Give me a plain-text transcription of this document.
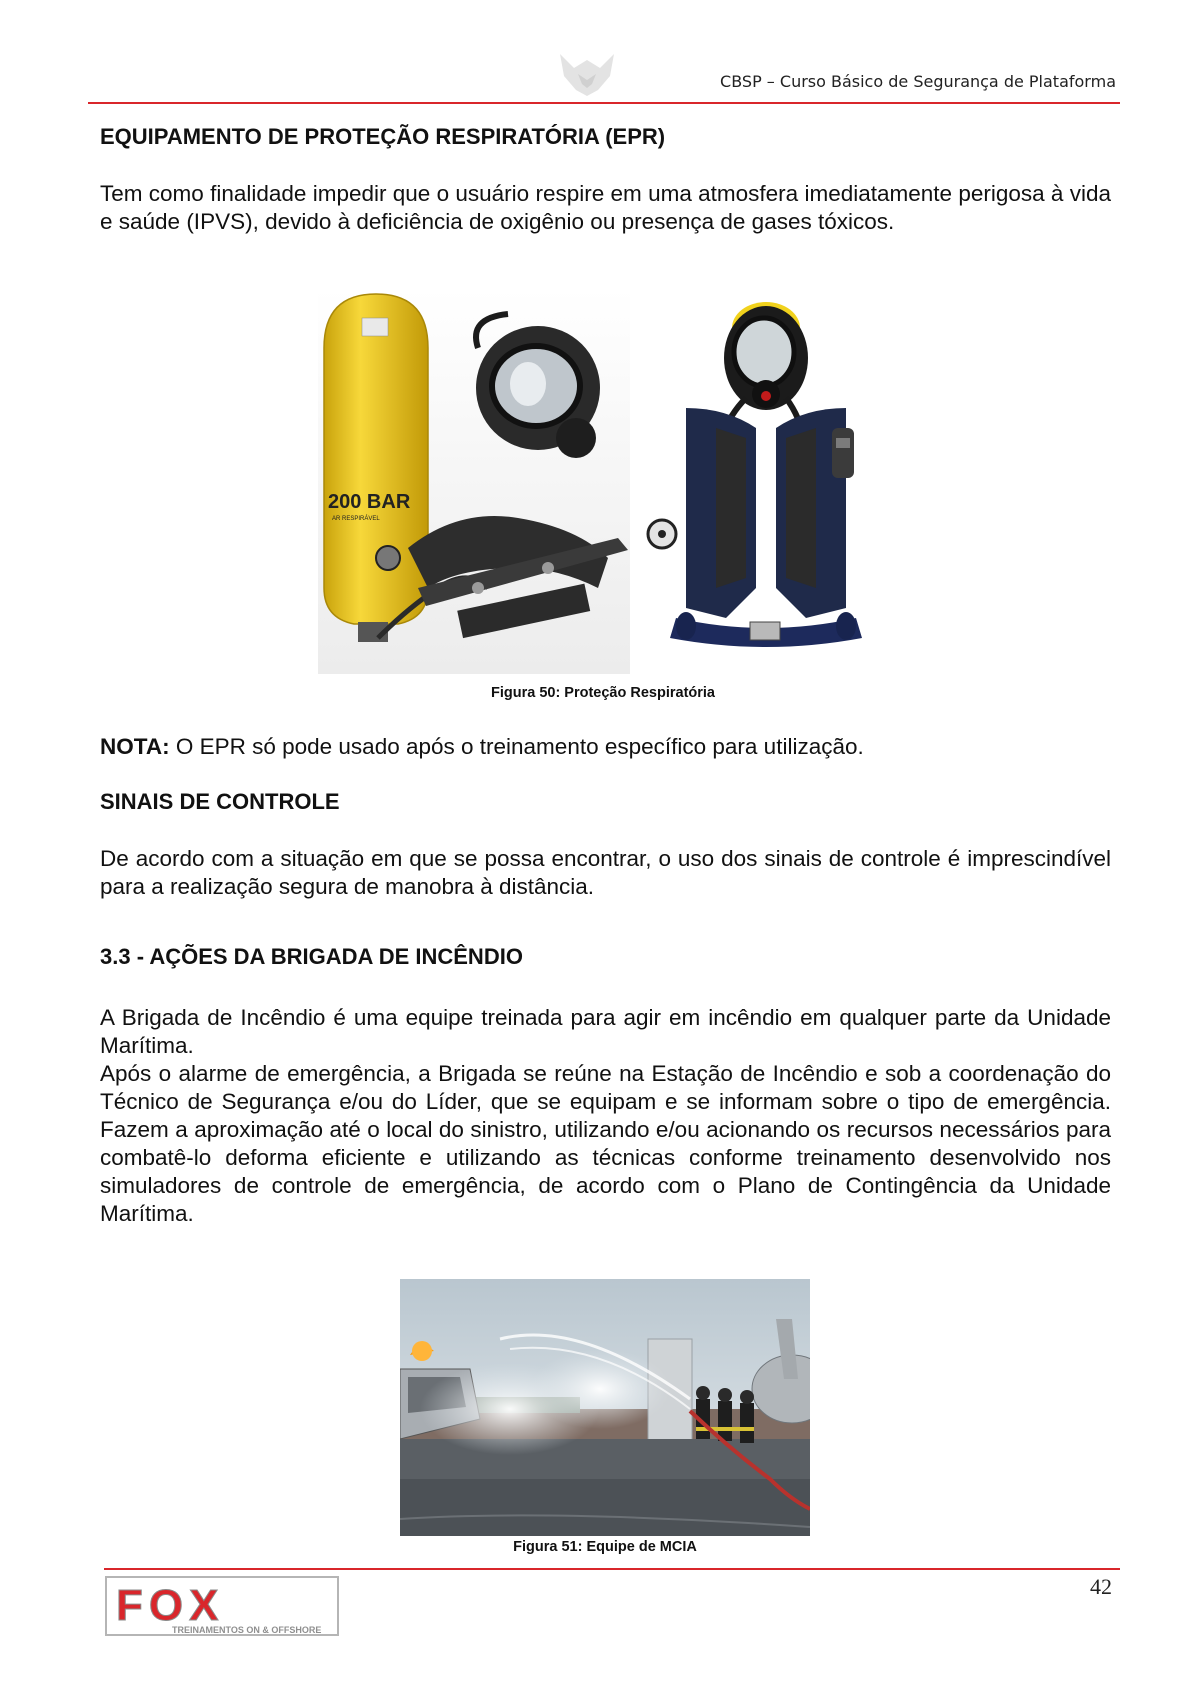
CBSP – Curso Básico de Segurança de Plataforma
EQUIPAMENTO DE PROTEÇÃO RESPIRATÓRIA (EPR)

Tem como finalidade impedir que o usuário respire em uma atmosfera imediatamente perigosa à vida e saúde (IPVS), devido à deficiência de oxigênio ou presença de gases tóxicos.

200 BAR
AR RESPIRÁVEL
Figura 50: Proteção Respiratória

NOTA: O EPR só pode usado após o treinamento específico para utilização.

SINAIS DE CONTROLE

De acordo com a situação em que se possa encontrar, o uso dos sinais de controle é imprescindível para a realização segura de manobra à distância.

3.3 - AÇÕES DA BRIGADA DE INCÊNDIO

A Brigada de Incêndio é uma equipe treinada para agir em incêndio em qualquer parte da Unidade Marítima.

Após o alarme de emergência, a Brigada se reúne na Estação de Incêndio e sob a coordenação do Técnico de Segurança e/ou do Líder, que se equipam e se informam sobre o tipo de emergência. Fazem a aproximação até o local do sinistro, utilizando e/ou acionando os recursos necessários para combatê-lo deforma eficiente e utilizando as técnicas conforme treinamento desenvolvido nos simuladores de controle de emergência, de acordo com o Plano de Contingência da Unidade Marítima.

Figura 51: Equipe de MCIA
42
FOX
TREINAMENTOS ON & OFFSHORE
